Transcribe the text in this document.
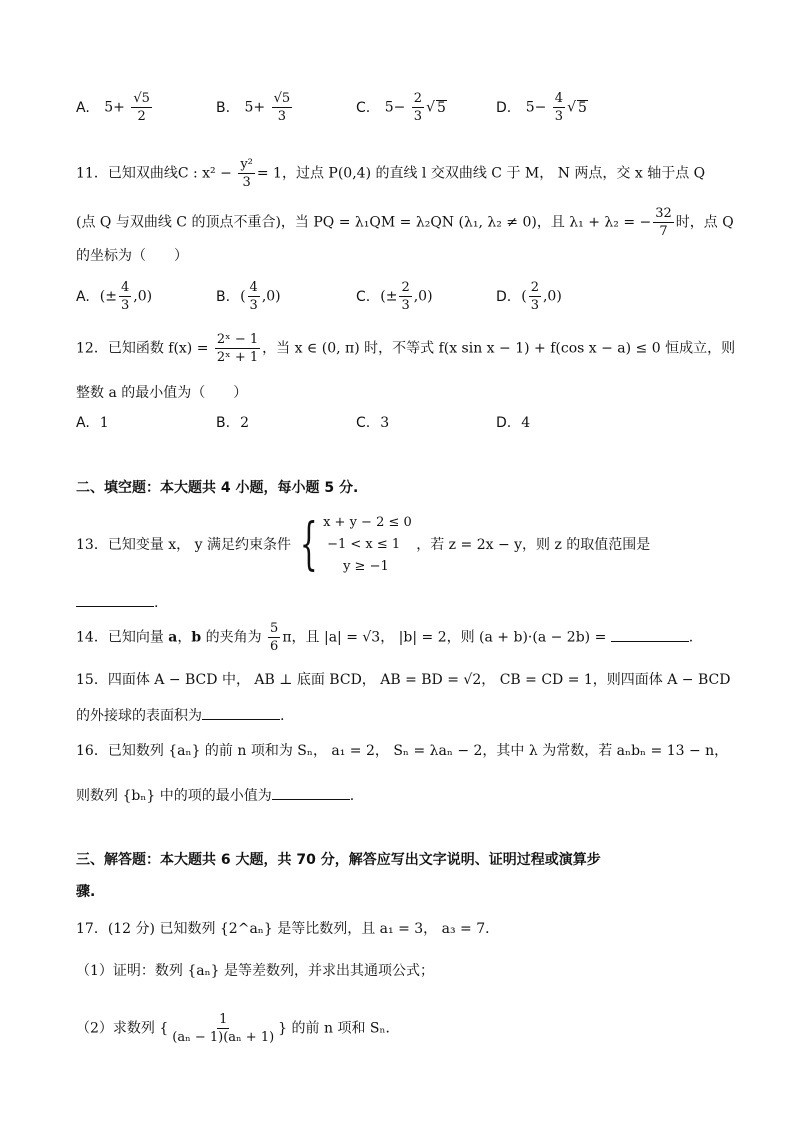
A. $5+ \frac{√5}{2}$	B. $5+ \frac{√5}{3}$	C. $5- \frac{2}{3}$ √ 5	D. $5- \frac{4}{3}$ √ 5
11．已知双曲线C : $x^2 - \frac{\text{y²}}{3} = 1$，过点 P(0,4) 的直线 l 交双曲线 C 于 M， N 两点，交 x 轴于点 Q
(点 Q 与双曲线 C 的顶点不重合)，当 PQ = λ₁QM = λ₂QN (λ₁, λ₂ ≠ 0)，且 λ₁ + λ₂ = − $\frac{32}{7}$ 时，点 Q
的坐标为（　　）
A. (± $\frac{4}{3} ,0$)	B. ( $\frac{4}{3} ,0$)	C. (± $\frac{2}{3} ,0$)	D. ( $\frac{2}{3} ,0$)
12．已知函数 $f(x) = \frac{\text{2ˣ − 1}}{\text{2ˣ + 1}}$ ，当 x ∈ (0, π) 时，不等式 f(x sin x − 1) + f(cos x − a) ≤ 0 恒成立，则
整数 a 的最小值为（　　）
A. 1	B. 2	C. 3	D. 4
二、填空题：本大题共 4 小题，每小题 5 分.
13．已知变量 x， y 满足约束条件 { x + y − 2 ≤ 0
−1 < x ≤ 1
y ≥ −1
，若 z = 2x − y，则 z 的取值范围是
.
14．已知向量 a，b 的夹角为 $\frac{5}{6}$ π，且 |a| = √3， |b| = 2，则 (a + b)·(a − 2b) =	.
15．四面体 A − BCD 中， AB ⊥ 底面 BCD， AB = BD = √2， CB = CD = 1，则四面体 A − BCD
的外接球的表面积为	.
16．已知数列 {aₙ} 的前 n 项和为 Sₙ， a₁ = 2， Sₙ = λaₙ − 2，其中 λ 为常数，若 aₙbₙ = 13 − n，
则数列 {bₙ} 中的项的最小值为	.
三、解答题：本大题共 6 大题，共 70 分，解答应写出文字说明、证明过程或演算步
骤.
17．(12 分) 已知数列 {2^aₙ} 是等比数列，且 a₁ = 3， a₃ = 7．
（1）证明：数列 {aₙ} 是等差数列，并求出其通项公式；
（2）求数列 { $\frac{1}{\text{(aₙ − 1)(aₙ + 1)}}$ } 的前 n 项和 Sₙ．
